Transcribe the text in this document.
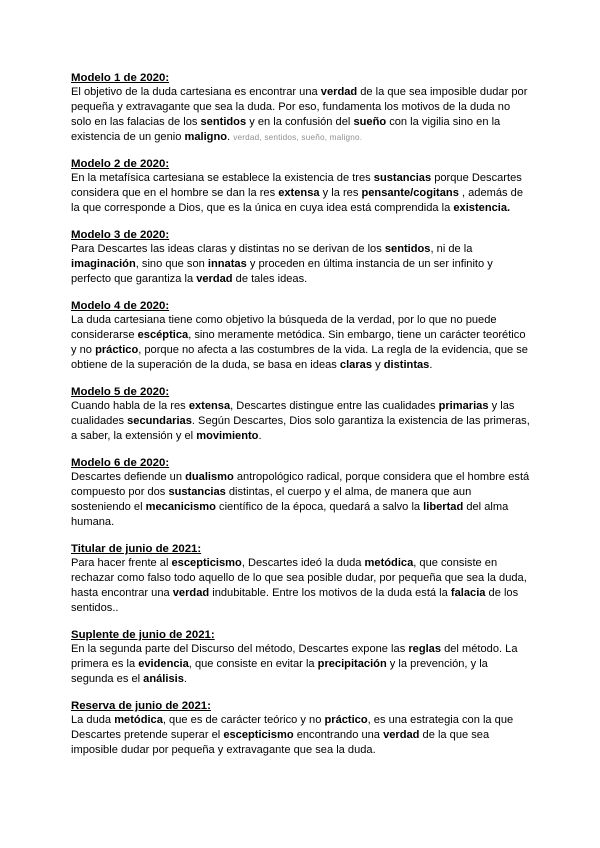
Modelo 1 de 2020:

El objetivo de la duda cartesiana es encontrar una verdad de la que sea imposible dudar por pequeña y extravagante que sea la duda. Por eso, fundamenta los motivos de la duda no solo en las falacias de los sentidos y en la confusión del sueño con la vigilia sino en la existencia de un genio maligno. verdad, sentidos, sueño, maligno.

Modelo 2 de 2020:

En la metafísica cartesiana se establece la existencia de tres sustancias porque Descartes considera que en el hombre se dan la res extensa y la res pensante/cogitans , además de la que corresponde a Dios, que es la única en cuya idea está comprendida la existencia.

Modelo 3 de 2020:

Para Descartes las ideas claras y distintas no se derivan de los sentidos, ni de la imaginación, sino que son innatas y proceden en última instancia de un ser infinito y perfecto que garantiza la verdad de tales ideas.

Modelo 4 de 2020:

La duda cartesiana tiene como objetivo la búsqueda de la verdad, por lo que no puede considerarse escéptica, sino meramente metódica. Sin embargo, tiene un carácter teorético y no práctico, porque no afecta a las costumbres de la vida. La regla de la evidencia, que se obtiene de la superación de la duda, se basa en ideas claras y distintas.

Modelo 5 de 2020:

Cuando habla de la res extensa, Descartes distingue entre las cualidades primarias y las cualidades secundarias. Según Descartes, Dios solo garantiza la existencia de las primeras, a saber, la extensión y el movimiento.

Modelo 6 de 2020:

Descartes defiende un dualismo antropológico radical, porque considera que el hombre está compuesto por dos sustancias distintas, el cuerpo y el alma, de manera que aun sosteniendo el mecanicismo científico de la época, quedará a salvo la libertad del alma humana.

Titular de junio de 2021:

Para hacer frente al escepticismo, Descartes ideó la duda metódica, que consiste en rechazar como falso todo aquello de lo que sea posible dudar, por pequeña que sea la duda, hasta encontrar una verdad indubitable. Entre los motivos de la duda está la falacia de los sentidos..

Suplente de junio de 2021:

En la segunda parte del Discurso del método, Descartes expone las reglas del método. La primera es la evidencia, que consiste en evitar la precipitación y la prevención, y la segunda es el análisis.

Reserva de junio de 2021:

La duda metódica, que es de carácter teórico y no práctico, es una estrategia con la que Descartes pretende superar el escepticismo encontrando una verdad de la que sea imposible dudar por pequeña y extravagante que sea la duda.
